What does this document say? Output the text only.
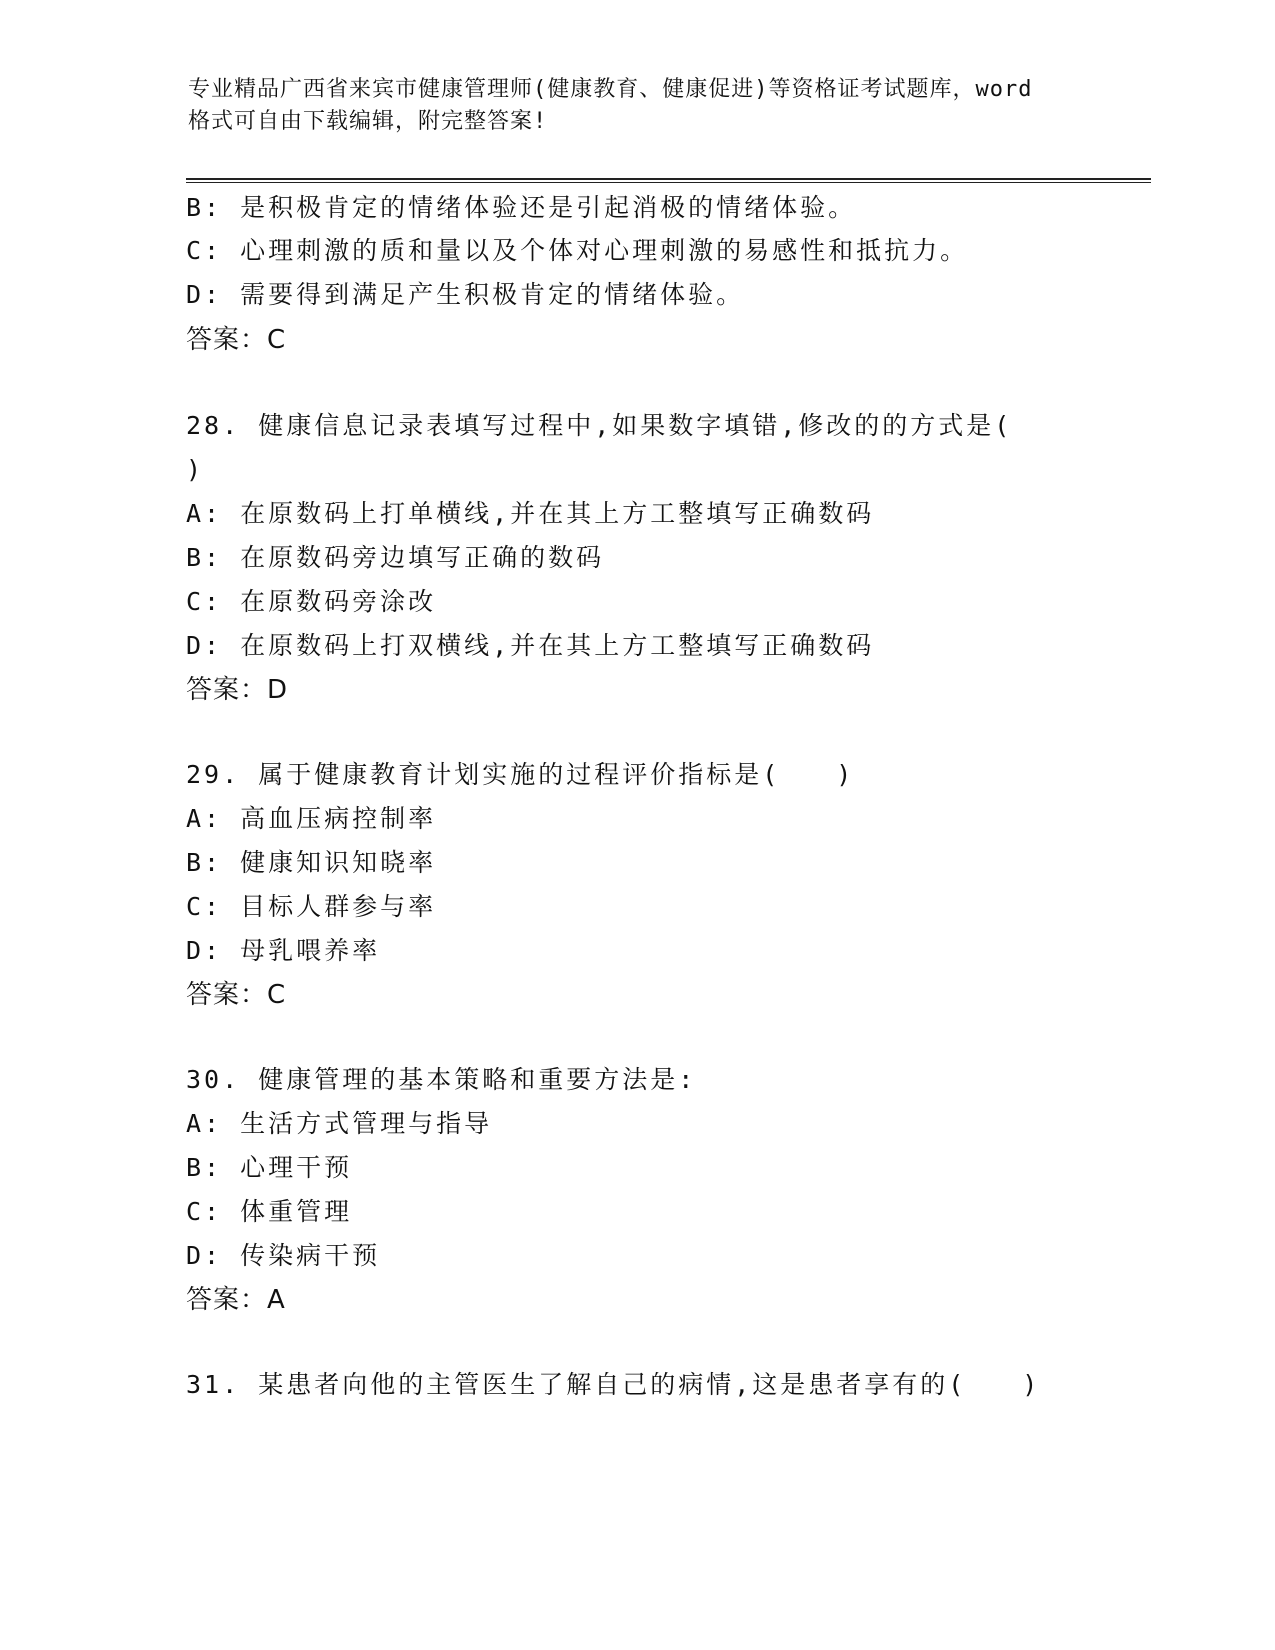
专业精品广西省来宾市健康管理师(健康教育、健康促进)等资格证考试题库，word
格式可自由下载编辑，附完整答案!
B: 是积极肯定的情绪体验还是引起消极的情绪体验。
C: 心理刺激的质和量以及个体对心理刺激的易感性和抵抗力。
D: 需要得到满足产生积极肯定的情绪体验。
答案：C
28. 健康信息记录表填写过程中,如果数字填错,修改的的方式是(
)
A: 在原数码上打单横线,并在其上方工整填写正确数码
B: 在原数码旁边填写正确的数码
C: 在原数码旁涂改
D: 在原数码上打双横线,并在其上方工整填写正确数码
答案：D
29. 属于健康教育计划实施的过程评价指标是(　　)
A: 高血压病控制率
B: 健康知识知晓率
C: 目标人群参与率
D: 母乳喂养率
答案：C
30. 健康管理的基本策略和重要方法是:
A: 生活方式管理与指导
B: 心理干预
C: 体重管理
D: 传染病干预
答案：A
31. 某患者向他的主管医生了解自己的病情,这是患者享有的(　　)
